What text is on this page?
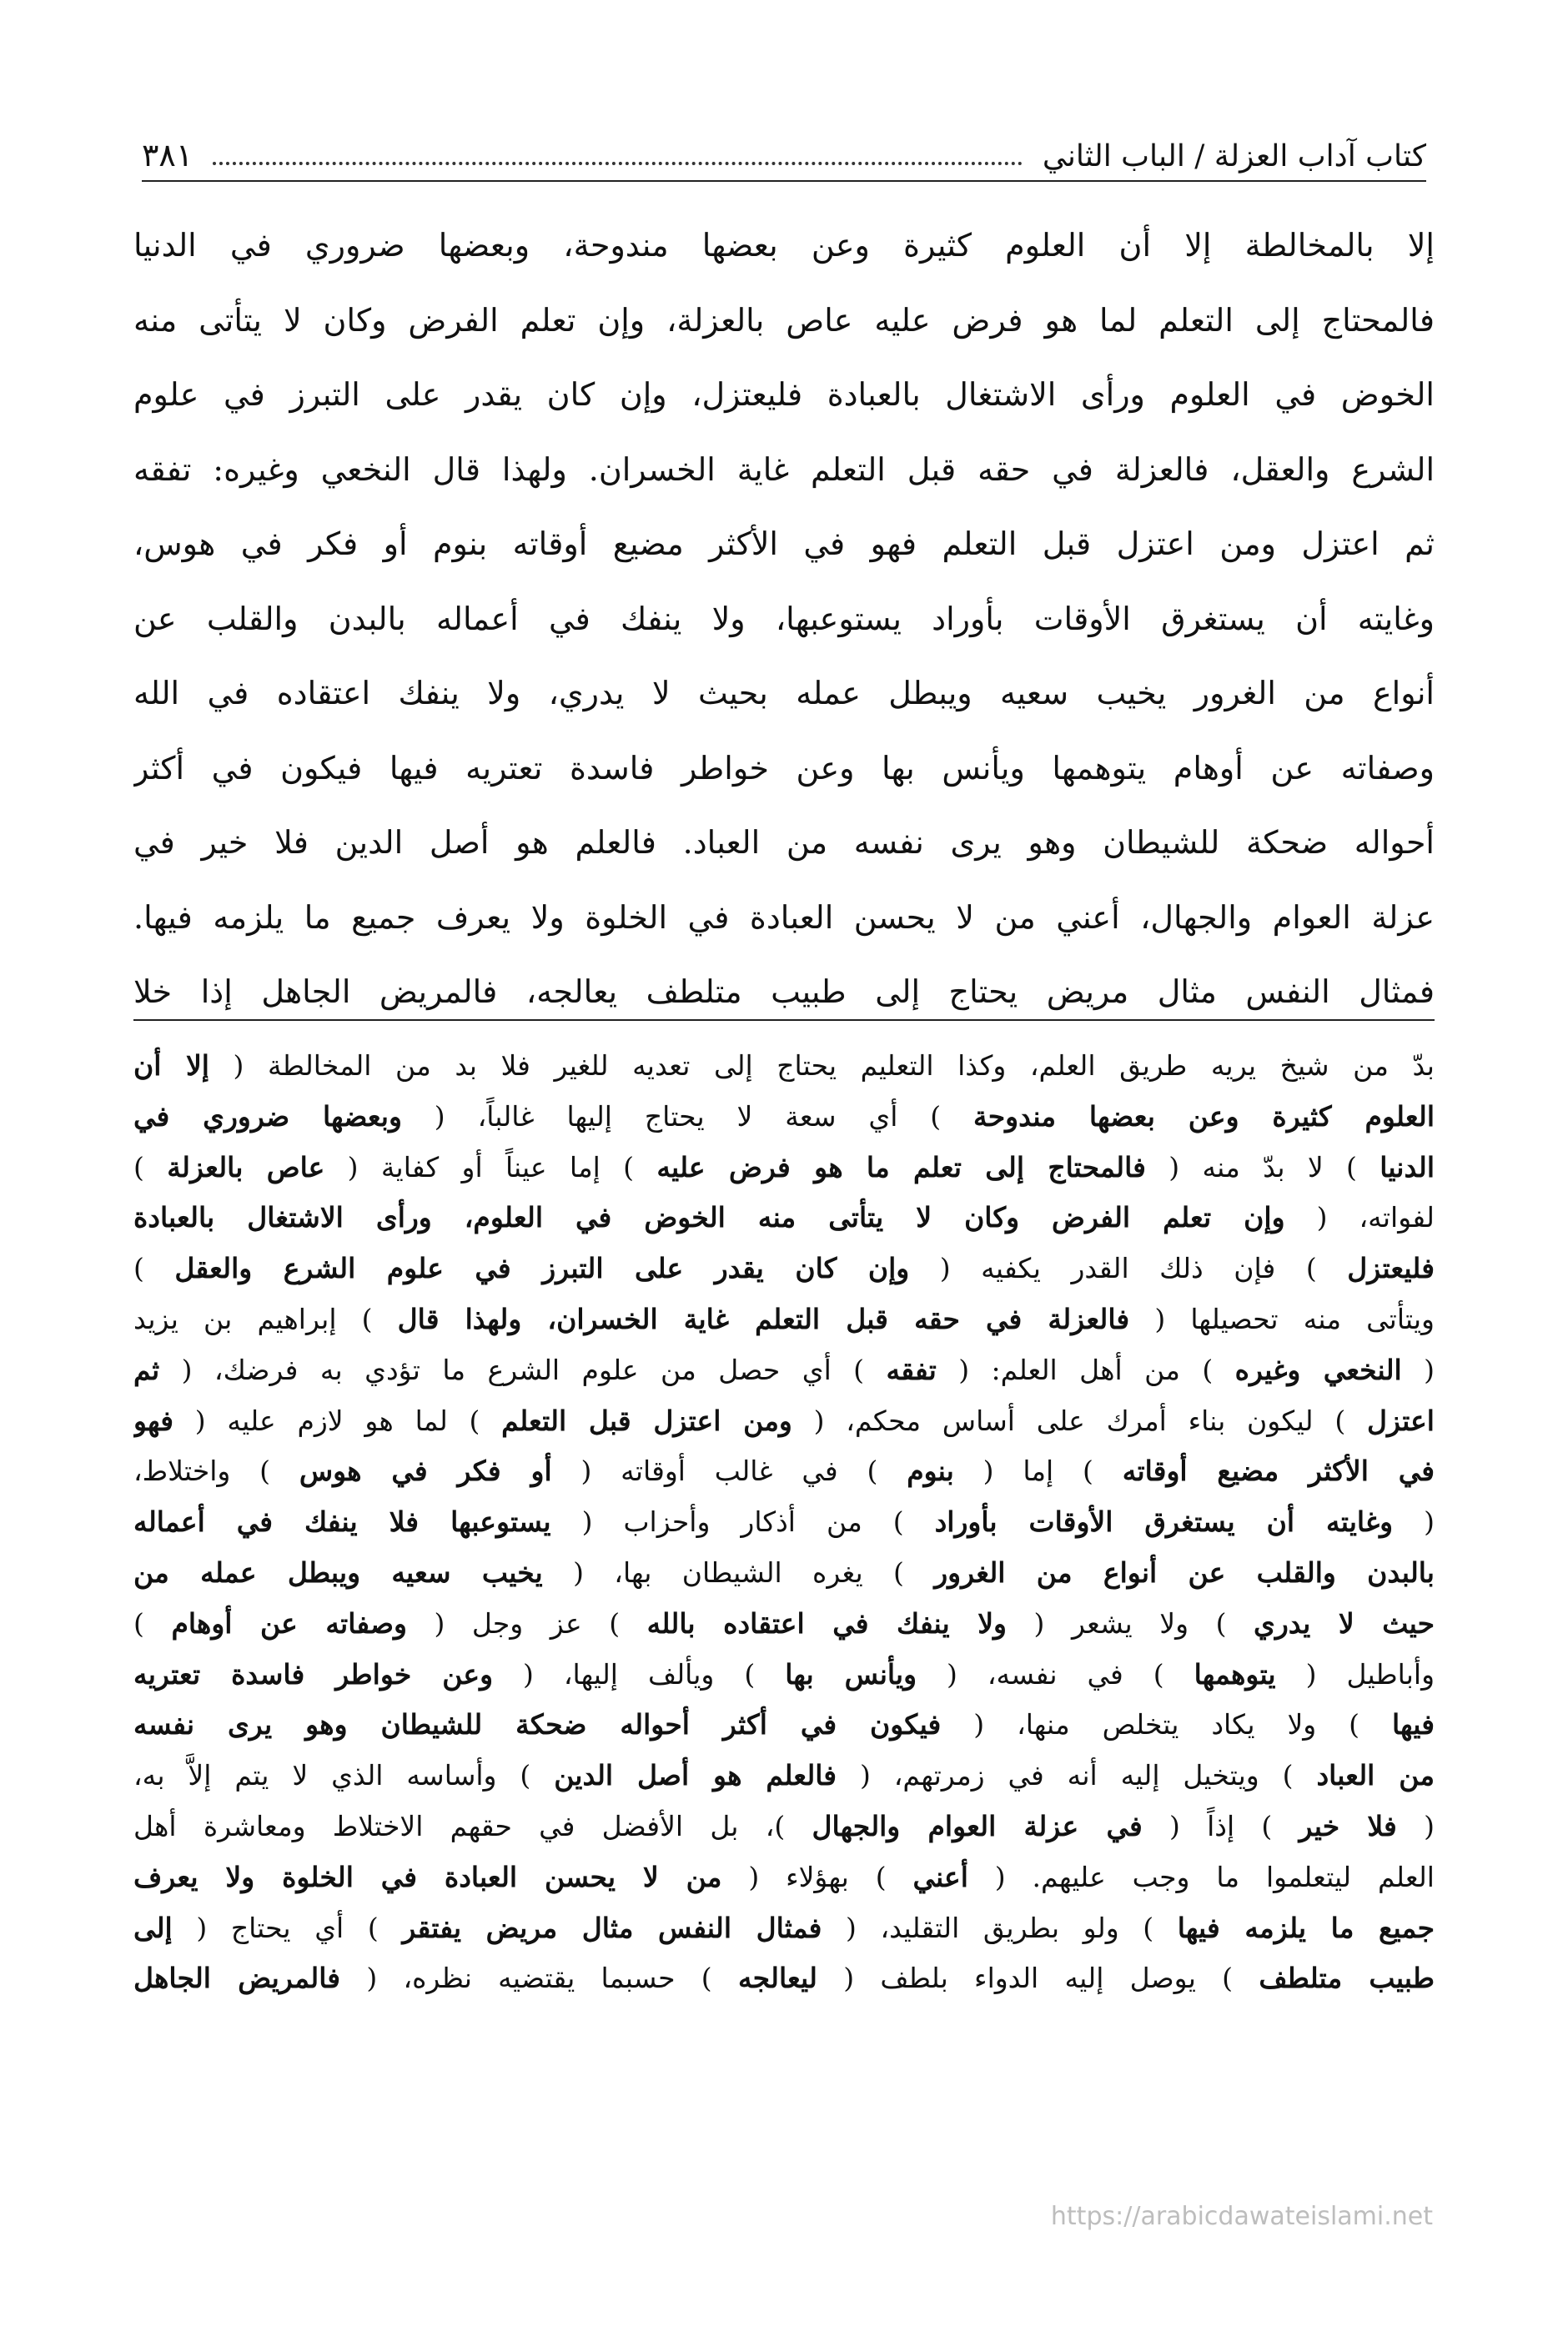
كتاب آداب العزلة / الباب الثاني
٣٨١
إلا بالمخالطة إلا أن العلوم كثيرة وعن بعضها مندوحة، وبعضها ضروري في الدنيا
فالمحتاج إلى التعلم لما هو فرض عليه عاص بالعزلة، وإن تعلم الفرض وكان لا يتأتى منه
الخوض في العلوم ورأى الاشتغال بالعبادة فليعتزل، وإن كان يقدر على التبرز في علوم
الشرع والعقل، فالعزلة في حقه قبل التعلم غاية الخسران. ولهذا قال النخعي وغيره: تفقه
ثم اعتزل ومن اعتزل قبل التعلم فهو في الأكثر مضيع أوقاته بنوم أو فكر في هوس،
وغايته أن يستغرق الأوقات بأوراد يستوعبها، ولا ينفك في أعماله بالبدن والقلب عن
أنواع من الغرور يخيب سعيه ويبطل عمله بحيث لا يدري، ولا ينفك اعتقاده في الله
وصفاته عن أوهام يتوهمها ويأنس بها وعن خواطر فاسدة تعتريه فيها فيكون في أكثر
أحواله ضحكة للشيطان وهو يرى نفسه من العباد. فالعلم هو أصل الدين فلا خير في
عزلة العوام والجهال، أعني من لا يحسن العبادة في الخلوة ولا يعرف جميع ما يلزمه فيها.
فمثال النفس مثال مريض يحتاج إلى طبيب متلطف يعالجه، فالمريض الجاهل إذا خلا
بدّ من شيخ يريه طريق العلم، وكذا التعليم يحتاج إلى تعديه للغير فلا بد من المخالطة ( إلا أن
العلوم كثيرة وعن بعضها مندوحة ) أي سعة لا يحتاج إليها غالباً، ( وبعضها ضروري في
الدنيا ) لا بدّ منه ( فالمحتاج إلى تعلم ما هو فرض عليه ) إما عيناً أو كفاية ( عاص بالعزلة )
لفواته، ( وإن تعلم الفرض وكان لا يتأتى منه الخوض في العلوم، ورأى الاشتغال بالعبادة
فليعتزل ) فإن ذلك القدر يكفيه ( وإن كان يقدر على التبرز في علوم الشرع والعقل )
ويتأتى منه تحصيلها ( فالعزلة في حقه قبل التعلم غاية الخسران، ولهذا قال ) إبراهيم بن يزيد
( النخعي وغيره ) من أهل العلم: ( تفقه ) أي حصل من علوم الشرع ما تؤدي به فرضك، ( ثم
اعتزل ) ليكون بناء أمرك على أساس محكم، ( ومن اعتزل قبل التعلم ) لما هو لازم عليه ( فهو
في الأكثر مضيع أوقاته ) إما ( بنوم ) في غالب أوقاته ( أو فكر في هوس ) واختلاط،
( وغايته أن يستغرق الأوقات بأوراد ) من أذكار وأحزاب ( يستوعبها فلا ينفك في أعماله
بالبدن والقلب عن أنواع من الغرور ) يغره الشيطان بها، ( يخيب سعيه ويبطل عمله من
حيث لا يدري ) ولا يشعر ( ولا ينفك في اعتقاده بالله ) عز وجل ( وصفاته عن أوهام )
وأباطيل ( يتوهمها ) في نفسه، ( ويأنس بها ) ويألف إليها، ( وعن خواطر فاسدة تعتريه
فيها ) ولا يكاد يتخلص منها، ( فيكون في أكثر أحواله ضحكة للشيطان وهو يرى نفسه
من العباد ) ويتخيل إليه أنه في زمرتهم، ( فالعلم هو أصل الدين ) وأساسه الذي لا يتم إلاَّ به،
( فلا خير ) إذاً ( في عزلة العوام والجهال )، بل الأفضل في حقهم الاختلاط ومعاشرة أهل
العلم ليتعلموا ما وجب عليهم. ( أعني ) بهؤلاء ( من لا يحسن العبادة في الخلوة ولا يعرف
جميع ما يلزمه فيها ) ولو بطريق التقليد، ( فمثال النفس مثال مريض يفتقر ) أي يحتاج ( إلى
طبيب متلطف ) يوصل إليه الدواء بلطف ( ليعالجه ) حسبما يقتضيه نظره، ( فالمريض الجاهل
https://arabicdawateislami.net
